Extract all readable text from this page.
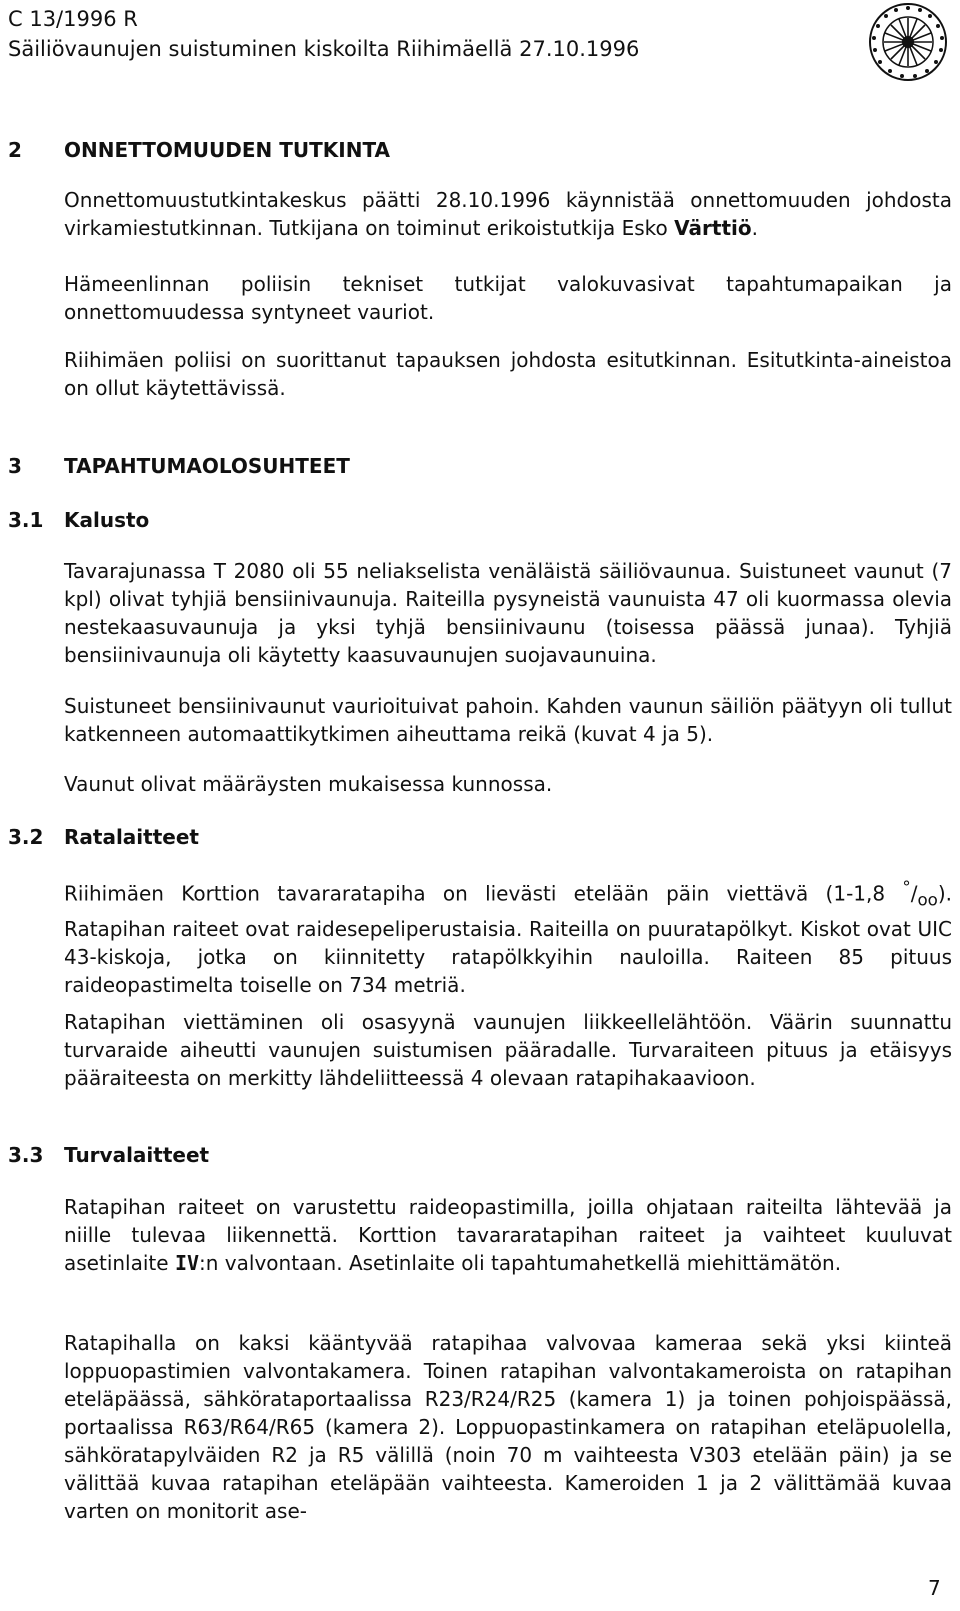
C 13/1996 R
Säiliövaunujen suistuminen kiskoilta Riihimäellä 27.10.1996
2 ONNETTOMUUDEN TUTKINTA

Onnettomuustutkintakeskus päätti 28.10.1996 käynnistää onnettomuuden johdosta virkamiestutkinnan. Tutkijana on toiminut erikoistutkija Esko Värttiö.

Hämeenlinnan poliisin tekniset tutkijat valokuvasivat tapahtumapaikan ja onnettomuudessa syntyneet vauriot.

Riihimäen poliisi on suorittanut tapauksen johdosta esitutkinnan. Esitutkinta-aineistoa on ollut käytettävissä.

3 TAPAHTUMAOLOSUHTEET
3.1 Kalusto

Tavarajunassa T 2080 oli 55 neliakselista venäläistä säiliövaunua. Suistuneet vaunut (7 kpl) olivat tyhjiä bensiinivaunuja. Raiteilla pysyneistä vaunuista 47 oli kuormassa olevia nestekaasuvaunuja ja yksi tyhjä bensiinivaunu (toisessa päässä junaa). Tyhjiä bensiinivaunuja oli käytetty kaasuvaunujen suojavaunuina.

Suistuneet bensiinivaunut vaurioituivat pahoin. Kahden vaunun säiliön päätyyn oli tullut katkenneen automaattikytkimen aiheuttama reikä (kuvat 4 ja 5).

Vaunut olivat määräysten mukaisessa kunnossa.

3.2 Ratalaitteet

Riihimäen Korttion tavararatapiha on lievästi etelään päin viettävä (1-1,8 $^\circ/_{oo}$). Ratapihan raiteet ovat raidesepeliperustaisia. Raiteilla on puuratapölkyt. Kiskot ovat UIC 43-kiskoja, jotka on kiinnitetty ratapölkkyihin nauloilla. Raiteen 85 pituus raideopastimelta toiselle on 734 metriä.

Ratapihan viettäminen oli osasyynä vaunujen liikkeellelähtöön. Väärin suunnattu turvaraide aiheutti vaunujen suistumisen pääradalle. Turvaraiteen pituus ja etäisyys pääraiteesta on merkitty lähdeliitteessä 4 olevaan ratapihakaavioon.

3.3 Turvalaitteet

Ratapihan raiteet on varustettu raideopastimilla, joilla ohjataan raiteilta lähtevää ja niille tulevaa liikennettä. Korttion tavararatapihan raiteet ja vaihteet kuuluvat asetinlaite IV:n valvontaan. Asetinlaite oli tapahtumahetkellä miehittämätön.

Ratapihalla on kaksi kääntyvää ratapihaa valvovaa kameraa sekä yksi kiinteä loppuopastimien valvontakamera. Toinen ratapihan valvontakameroista on ratapihan eteläpäässä, sähkörataportaalissa R23/R24/R25 (kamera 1) ja toinen pohjoispäässä, portaalissa R63/R64/R65 (kamera 2). Loppuopastinkamera on ratapihan eteläpuolella, sähköratapylväiden R2 ja R5 välillä (noin 70 m vaihteesta V303 etelään päin) ja se välittää kuvaa ratapihan eteläpään vaihteesta. Kameroiden 1 ja 2 välittämää kuvaa varten on monitorit ase-

7
